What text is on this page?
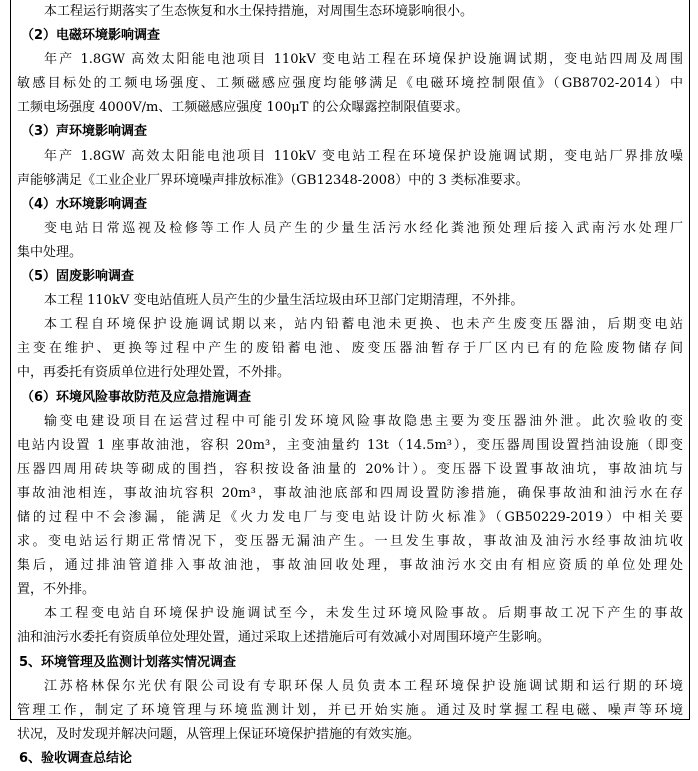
本工程运行期落实了生态恢复和水土保持措施，对周围生态环境影响很小。
（2）电磁环境影响调查
年产 1.8GW 高效太阳能电池项目 110kV 变电站工程在环境保护设施调试期，变电站四周及周围
敏感目标处的工频电场强度、工频磁感应强度均能够满足《电磁环境控制限值》（GB8702-2014）中
工频电场强度 4000V/m、工频磁感应强度 100μT 的公众曝露控制限值要求。
（3）声环境影响调查
年产 1.8GW 高效太阳能电池项目 110kV 变电站工程在环境保护设施调试期，变电站厂界排放噪
声能够满足《工业企业厂界环境噪声排放标准》（GB12348-2008）中的 3 类标准要求。
（4）水环境影响调查
变电站日常巡视及检修等工作人员产生的少量生活污水经化粪池预处理后接入武南污水处理厂
集中处理。
（5）固废影响调查
本工程 110kV 变电站值班人员产生的少量生活垃圾由环卫部门定期清理，不外排。
本工程自环境保护设施调试期以来，站内铅蓄电池未更换、也未产生废变压器油，后期变电站
主变在维护、更换等过程中产生的废铅蓄电池、废变压器油暂存于厂区内已有的危险废物储存间
中，再委托有资质单位进行处理处置，不外排。
（6）环境风险事故防范及应急措施调查
输变电建设项目在运营过程中可能引发环境风险事故隐患主要为变压器油外泄。此次验收的变
电站内设置 1 座事故油池，容积 20m³，主变油量约 13t（14.5m³），变压器周围设置挡油设施（即变
压器四周用砖块等砌成的围挡，容积按设备油量的 20%计）。变压器下设置事故油坑，事故油坑与
事故油池相连，事故油坑容积 20m³，事故油池底部和四周设置防渗措施，确保事故油和油污水在存
储的过程中不会渗漏，能满足《火力发电厂与变电站设计防火标准》（GB50229-2019）中相关要
求。变电站运行期正常情况下，变压器无漏油产生。一旦发生事故，事故油及油污水经事故油坑收
集后，通过排油管道排入事故油池，事故油回收处理，事故油污水交由有相应资质的单位处理处
置，不外排。
本工程变电站自环境保护设施调试至今，未发生过环境风险事故。后期事故工况下产生的事故
油和油污水委托有资质单位处理处置，通过采取上述措施后可有效减小对周围环境产生影响。
5、环境管理及监测计划落实情况调查
江苏格林保尔光伏有限公司设有专职环保人员负责本工程环境保护设施调试期和运行期的环境
管理工作，制定了环境管理与环境监测计划，并已开始实施。通过及时掌握工程电磁、噪声等环境
状况，及时发现并解决问题，从管理上保证环境保护措施的有效实施。
6、验收调查总结论
